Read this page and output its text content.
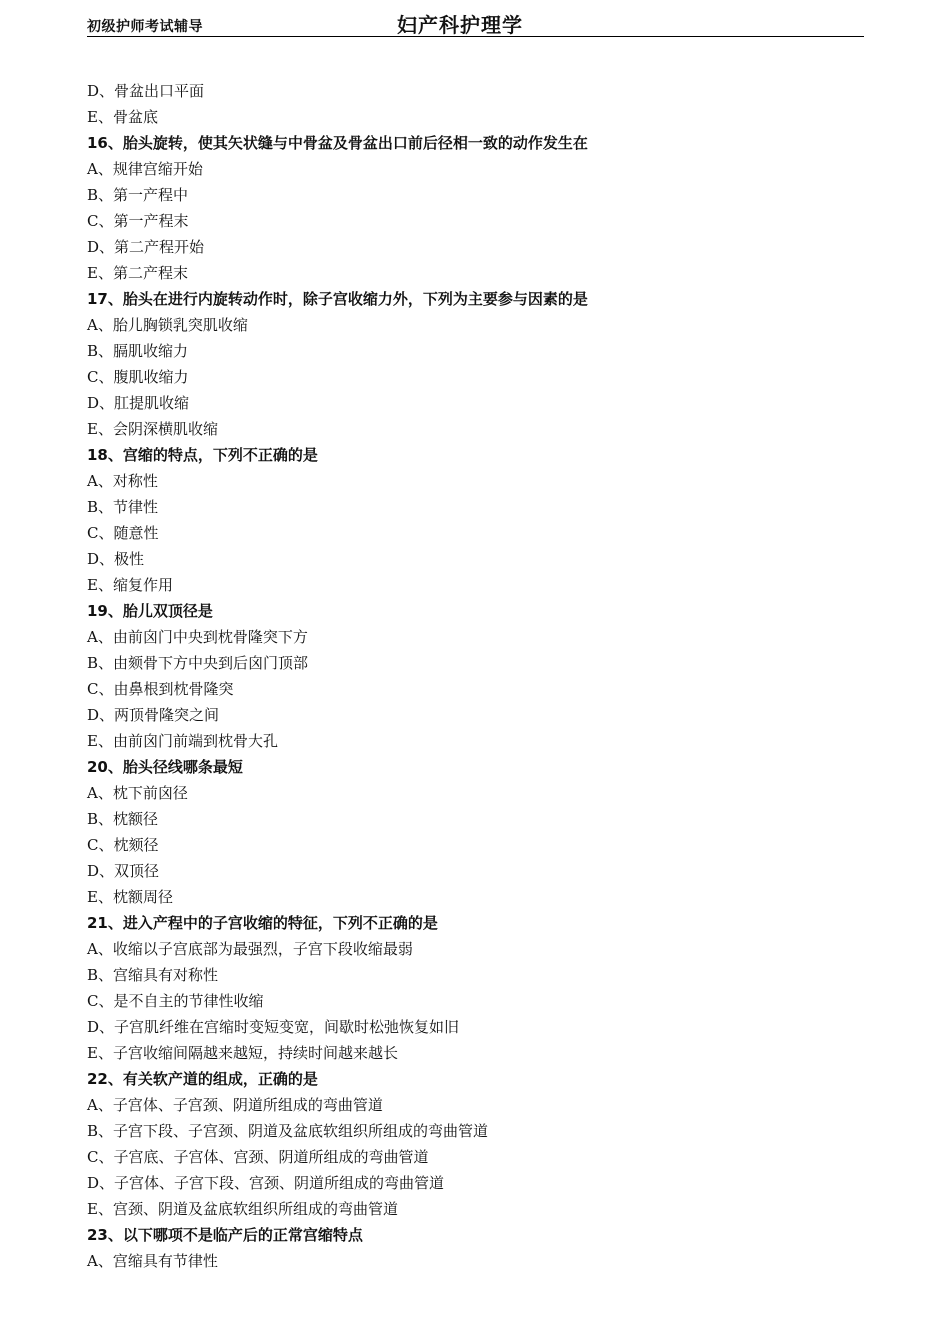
初级护师考试辅导	妇产科护理学
D、骨盆出口平面
E、骨盆底
16、胎头旋转，使其矢状缝与中骨盆及骨盆出口前后径相一致的动作发生在
A、规律宫缩开始
B、第一产程中
C、第一产程末
D、第二产程开始
E、第二产程末
17、胎头在进行内旋转动作时，除子宫收缩力外，下列为主要参与因素的是
A、胎儿胸锁乳突肌收缩
B、膈肌收缩力
C、腹肌收缩力
D、肛提肌收缩
E、会阴深横肌收缩
18、宫缩的特点，下列不正确的是
A、对称性
B、节律性
C、随意性
D、极性
E、缩复作用
19、胎儿双顶径是
A、由前囟门中央到枕骨隆突下方
B、由颏骨下方中央到后囟门顶部
C、由鼻根到枕骨隆突
D、两顶骨隆突之间
E、由前囟门前端到枕骨大孔
20、胎头径线哪条最短
A、枕下前囟径
B、枕额径
C、枕颏径
D、双顶径
E、枕额周径
21、进入产程中的子宫收缩的特征，下列不正确的是
A、收缩以子宫底部为最强烈，子宫下段收缩最弱
B、宫缩具有对称性
C、是不自主的节律性收缩
D、子宫肌纤维在宫缩时变短变宽，间歇时松弛恢复如旧
E、子宫收缩间隔越来越短，持续时间越来越长
22、有关软产道的组成，正确的是
A、子宫体、子宫颈、阴道所组成的弯曲管道
B、子宫下段、子宫颈、阴道及盆底软组织所组成的弯曲管道
C、子宫底、子宫体、宫颈、阴道所组成的弯曲管道
D、子宫体、子宫下段、宫颈、阴道所组成的弯曲管道
E、宫颈、阴道及盆底软组织所组成的弯曲管道
23、以下哪项不是临产后的正常宫缩特点
A、宫缩具有节律性
